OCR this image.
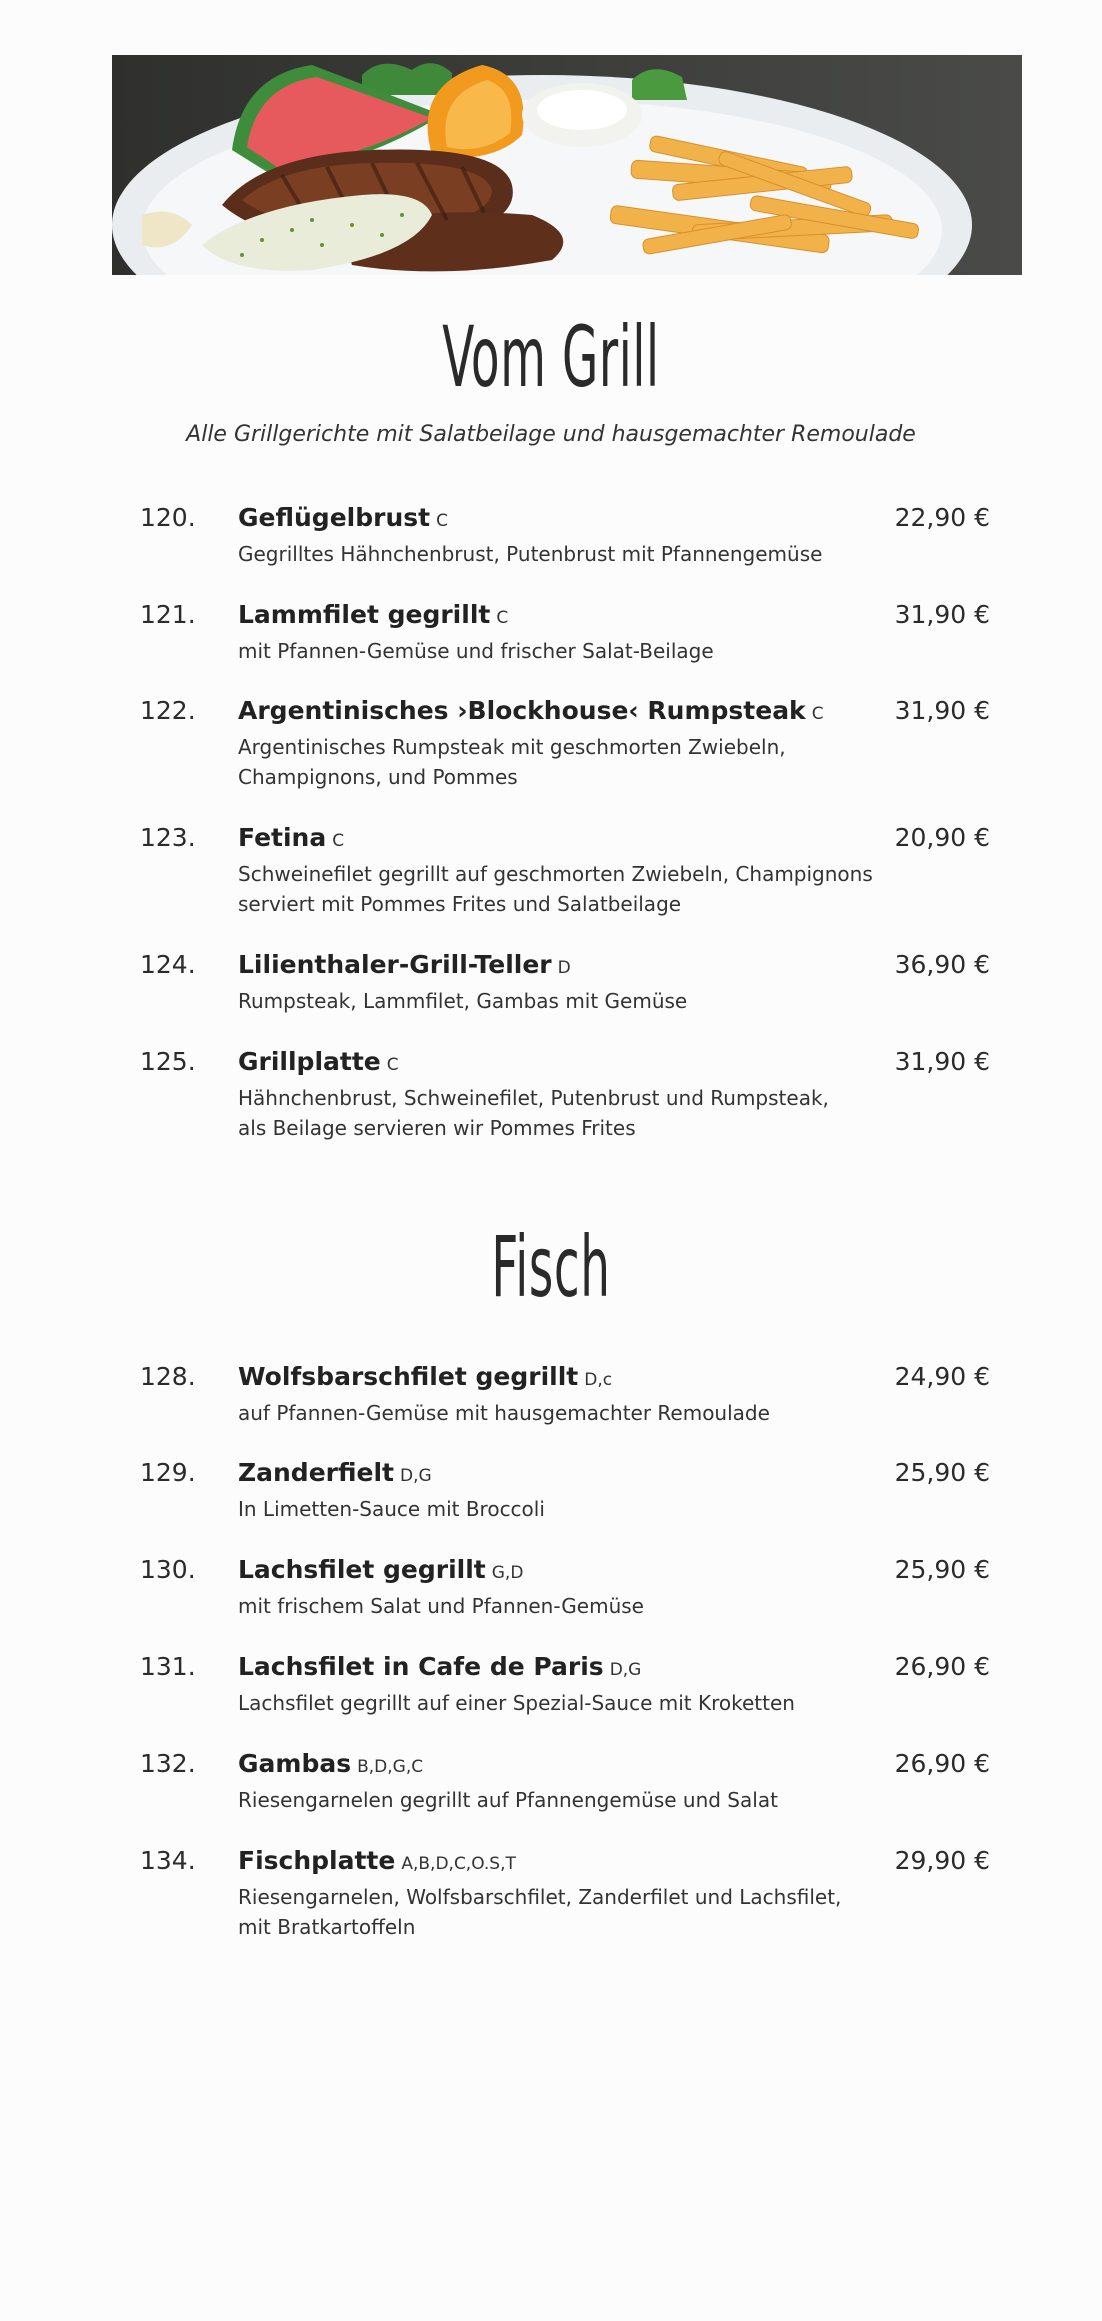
Vom Grill
Alle Grillgerichte mit Salatbeilage und hausgemachter Remoulade
120. Geflügelbrust C
Gegrilltes Hähnchenbrust, Putenbrust mit Pfannengemüse
22,90 €
121. Lammfilet gegrillt C
mit Pfannen-Gemüse und frischer Salat-Beilage
31,90 €
122. Argentinisches ›Blockhouse‹ Rumpsteak C
Argentinisches Rumpsteak mit geschmorten Zwiebeln,
Champignons, und Pommes
31,90 €
123. Fetina C
Schweinefilet gegrillt auf geschmorten Zwiebeln, Champignons
serviert mit Pommes Frites und Salatbeilage
20,90 €
124. Lilienthaler-Grill-Teller D
Rumpsteak, Lammfilet, Gambas mit Gemüse
36,90 €
125. Grillplatte C
Hähnchenbrust, Schweinefilet, Putenbrust und Rumpsteak,
als Beilage servieren wir Pommes Frites
31,90 €
Fisch
128. Wolfsbarschfilet gegrillt D,c
auf Pfannen-Gemüse mit hausgemachter Remoulade
24,90 €
129. Zanderfielt D,G
In Limetten-Sauce mit Broccoli
25,90 €
130. Lachsfilet gegrillt G,D
mit frischem Salat und Pfannen-Gemüse
25,90 €
131. Lachsfilet in Cafe de Paris D,G
Lachsfilet gegrillt auf einer Spezial-Sauce mit Kroketten
26,90 €
132. Gambas B,D,G,C
Riesengarnelen gegrillt auf Pfannengemüse und Salat
26,90 €
134. Fischplatte A,B,D,C,O.S,T
Riesengarnelen, Wolfsbarschfilet, Zanderfilet und Lachsfilet,
mit Bratkartoffeln
29,90 €
